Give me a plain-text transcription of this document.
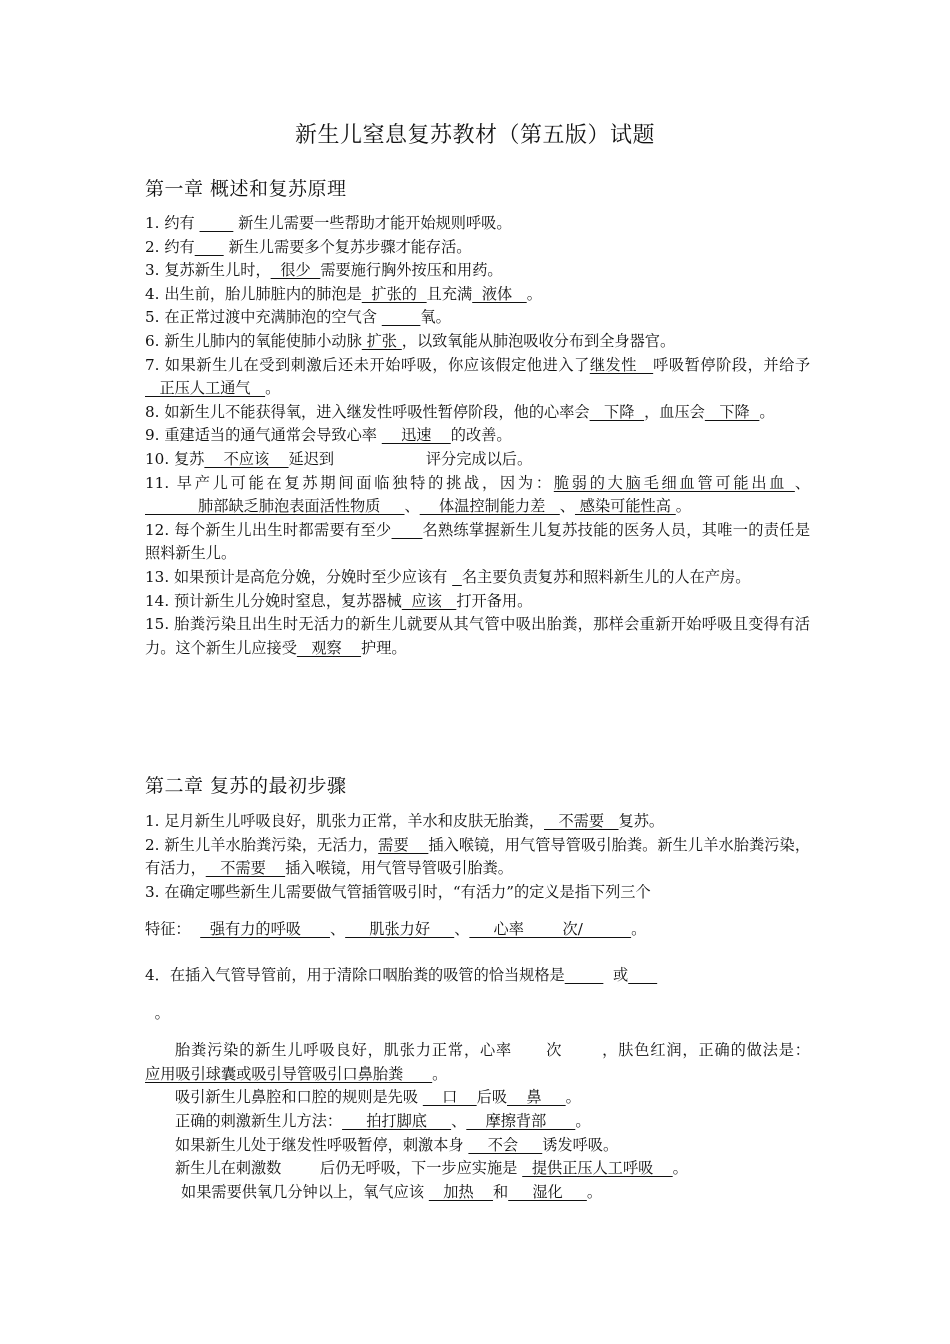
新生儿窒息复苏教材（第五版）试题
第一章 概述和复苏原理

1. 约有         新生儿需要一些帮助才能开始规则呼吸。

2. 约有       新生儿需要多个复苏步骤才能存活。

3. 复苏新生儿时，  很少  需要施行胸外按压和用药。

4. 出生前，胎儿肺脏内的肺泡是  扩张的  且充满  液体   。

5. 在正常过渡中充满肺泡的空气含	氧。

6. 新生儿肺内的氧能使肺小动脉 扩张 ，以致氧能从肺泡吸收分布到全身器官。

7. 如果新生儿在受到刺激后还未开始呼吸，你应该假定他进入了继发性   呼吸暂停阶段，并给予   正压人工通气   。

8. 如新生儿不能获得氧，进入继发性呼吸性暂停阶段，他的心率会   下降  ，血压会   下降  。

9. 重建适当的通气通常会导致心率     迅速    的改善。

10. 复苏    不应该    延迟到                   评分完成以后。

11. 早产儿可能在复苏期间面临独特的挑战，因为：脆弱的大脑毛细血管可能出血 、            肺部缺乏肺泡表面活性物质     、    体温控制能力差   、 感染可能性高 。

12. 每个新生儿出生时都需要有至少 名熟练掌握新生儿复苏技能的医务人员，其唯一的责任是照料新生儿。

13. 如果预计是高危分娩，分娩时至少应该有   名主要负责复苏和照料新生儿的人在产房。

14. 预计新生儿分娩时窒息，复苏器械  应该   打开备用。

15. 胎粪污染且出生时无活力的新生儿就要从其气管中吸出胎粪，那样会重新开始呼吸且变得有活力。这个新生儿应接受   观察    护理。

第二章 复苏的最初步骤

1. 足月新生儿呼吸良好，肌张力正常，羊水和皮肤无胎粪，   不需要   复苏。

2. 新生儿羊水胎粪污染，无活力，需要    插入喉镜，用气管导管吸引胎粪。新生儿羊水胎粪污染，有活力，   不需要    插入喉镜，用气管导管吸引胎粪。

3. 在确定哪些新生儿需要做气管插管吸引时，“有活力”的定义是指下列三个

特征：    强有力的呼吸      、     肌张力好     、     心率        次/          。

4．在插入气管导管前，用于清除口咽胎粪的吸管的恰当规格是	或

。

胎粪污染的新生儿呼吸良好，肌张力正常，心率      次       ，肤色红润，正确的做法是：应用吸引球囊或吸引导管吸引口鼻胎粪      。

吸引新生儿鼻腔和口腔的规则是先吸     口    后吸    鼻     。

正确的刺激新生儿方法：     拍打脚底     、    摩擦背部      。

如果新生儿处于继发性呼吸暂停，刺激本身     不会     诱发呼吸。

新生儿在刺激数        后仍无呼吸，下一步应实施是   提供正压人工呼吸    。

如果需要供氧几分钟以上，氧气应该    加热    和     湿化     。
